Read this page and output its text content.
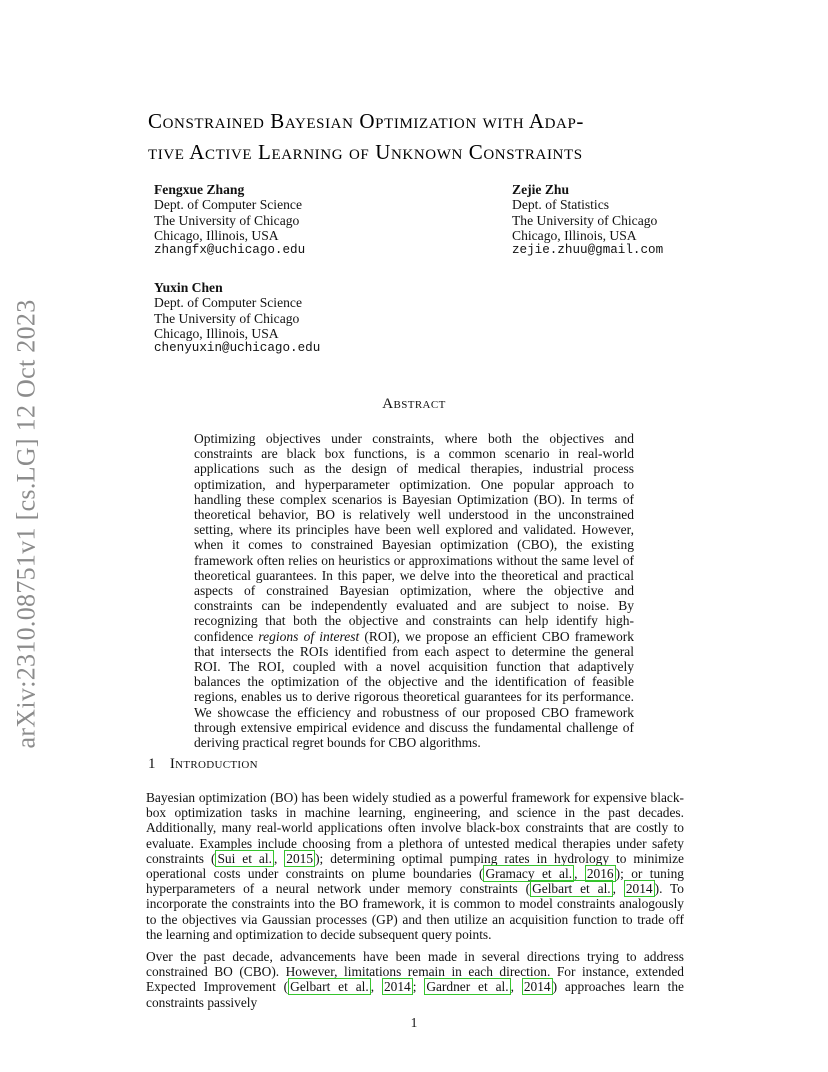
arXiv:2310.08751v1 [cs.LG] 12 Oct 2023
Constrained Bayesian Optimization with Adap-
tive Active Learning of Unknown Constraints
Fengxue Zhang
Dept. of Computer Science
The University of Chicago
Chicago, Illinois, USA
zhangfx@uchicago.edu
Zejie Zhu
Dept. of Statistics
The University of Chicago
Chicago, Illinois, USA
zejie.zhuu@gmail.com
Yuxin Chen
Dept. of Computer Science
The University of Chicago
Chicago, Illinois, USA
chenyuxin@uchicago.edu
Abstract
Optimizing objectives under constraints, where both the objectives and constraints are black box functions, is a common scenario in real-world applications such as the design of medical therapies, industrial process optimization, and hyperparameter optimization. One popular approach to handling these complex scenarios is Bayesian Optimization (BO). In terms of theoretical behavior, BO is relatively well understood in the unconstrained setting, where its principles have been well explored and validated. However, when it comes to constrained Bayesian optimization (CBO), the existing framework often relies on heuristics or approximations without the same level of theoretical guarantees. In this paper, we delve into the theoretical and practical aspects of constrained Bayesian optimization, where the objective and constraints can be independently evaluated and are subject to noise. By recognizing that both the objective and constraints can help identify high-confidence regions of interest (ROI), we propose an efficient CBO framework that intersects the ROIs identified from each aspect to determine the general ROI. The ROI, coupled with a novel acquisition function that adaptively balances the optimization of the objective and the identification of feasible regions, enables us to derive rigorous theoretical guarantees for its performance. We showcase the efficiency and robustness of our proposed CBO framework through extensive empirical evidence and discuss the fundamental challenge of deriving practical regret bounds for CBO algorithms.
1 Introduction
Bayesian optimization (BO) has been widely studied as a powerful framework for expensive black-box optimization tasks in machine learning, engineering, and science in the past decades. Additionally, many real-world applications often involve black-box constraints that are costly to evaluate. Examples include choosing from a plethora of untested medical therapies under safety constraints ( Sui et al. , 2015 ); determining optimal pumping rates in hydrology to minimize operational costs under constraints on plume boundaries ( Gramacy et al. , 2016 ); or tuning hyperparameters of a neural network under memory constraints ( Gelbart et al. , 2014 ). To incorporate the constraints into the BO framework, it is common to model constraints analogously to the objectives via Gaussian processes (GP) and then utilize an acquisition function to trade off the learning and optimization to decide subsequent query points.
Over the past decade, advancements have been made in several directions trying to address constrained BO (CBO). However, limitations remain in each direction. For instance, extended Expected Improvement ( Gelbart et al. , 2014 ; Gardner et al. , 2014 ) approaches learn the constraints passively
1
